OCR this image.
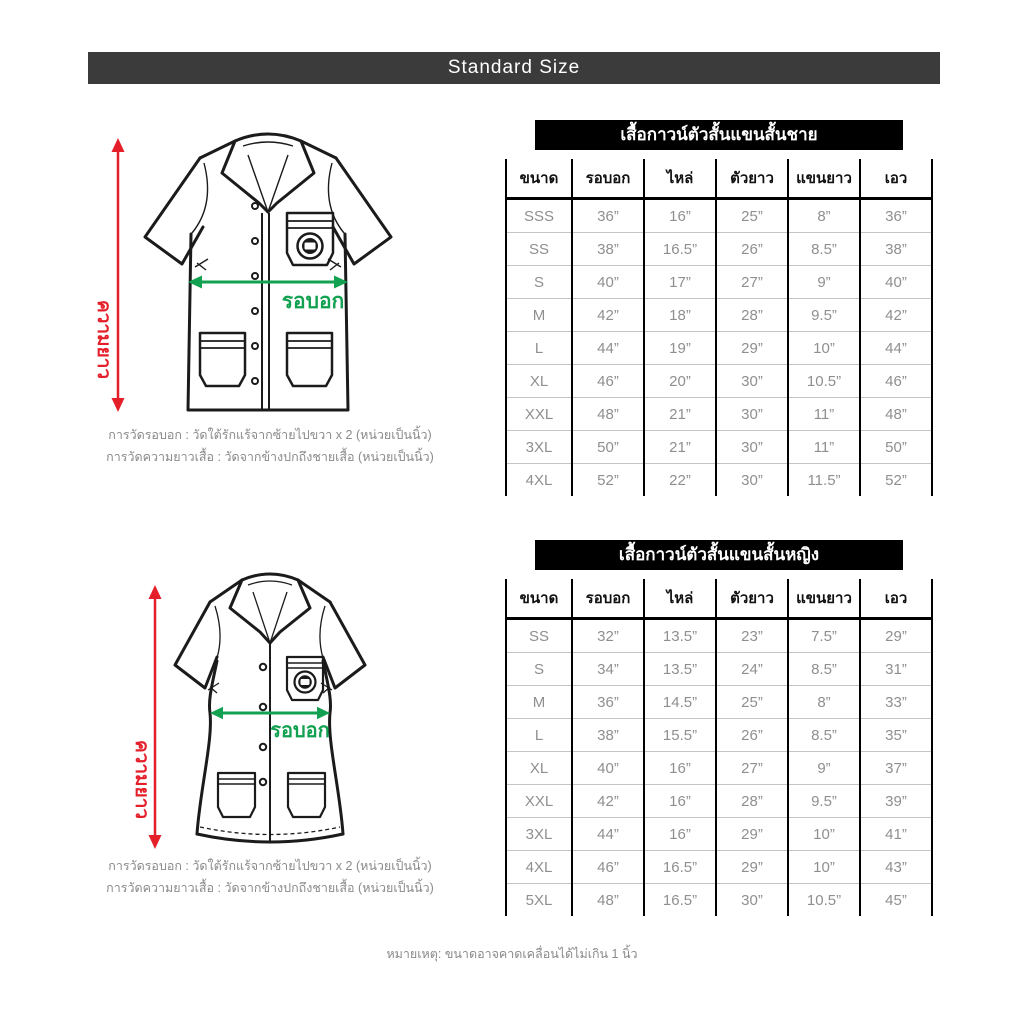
Standard Size
รอบอก
ความยาว
การวัดรอบอก : วัดใต้รักแร้จากซ้ายไปขวา x 2 (หน่วยเป็นนิ้ว)
การวัดความยาวเสื้อ : วัดจากข้างปกถึงชายเสื้อ (หน่วยเป็นนิ้ว)
รอบอก
ความยาว
การวัดรอบอก : วัดใต้รักแร้จากซ้ายไปขวา x 2 (หน่วยเป็นนิ้ว)
การวัดความยาวเสื้อ : วัดจากข้างปกถึงชายเสื้อ (หน่วยเป็นนิ้ว)
เสื้อกาวน์ตัวสั้นแขนสั้นชาย
ขนาด	รอบอก	ไหล่	ตัวยาว	แขนยาว	เอว
SSS	36”	16”	25”	8”	36”
SS	38”	16.5”	26”	8.5”	38”
S	40”	17”	27”	9”	40”
M	42”	18”	28”	9.5”	42”
L	44”	19”	29”	10”	44”
XL	46”	20”	30”	10.5”	46”
XXL	48”	21”	30”	11”	48”
3XL	50”	21”	30”	11”	50”
4XL	52”	22”	30”	11.5”	52”
เสื้อกาวน์ตัวสั้นแขนสั้นหญิง
ขนาด	รอบอก	ไหล่	ตัวยาว	แขนยาว	เอว
SS	32”	13.5”	23”	7.5”	29”
S	34”	13.5”	24”	8.5”	31”
M	36”	14.5”	25”	8”	33”
L	38”	15.5”	26”	8.5”	35”
XL	40”	16”	27”	9”	37”
XXL	42”	16”	28”	9.5”	39”
3XL	44”	16”	29”	10”	41”
4XL	46”	16.5”	29”	10”	43”
5XL	48”	16.5”	30”	10.5”	45”
หมายเหตุ: ขนาดอาจคาดเคลื่อนได้ไม่เกิน 1 นิ้ว
